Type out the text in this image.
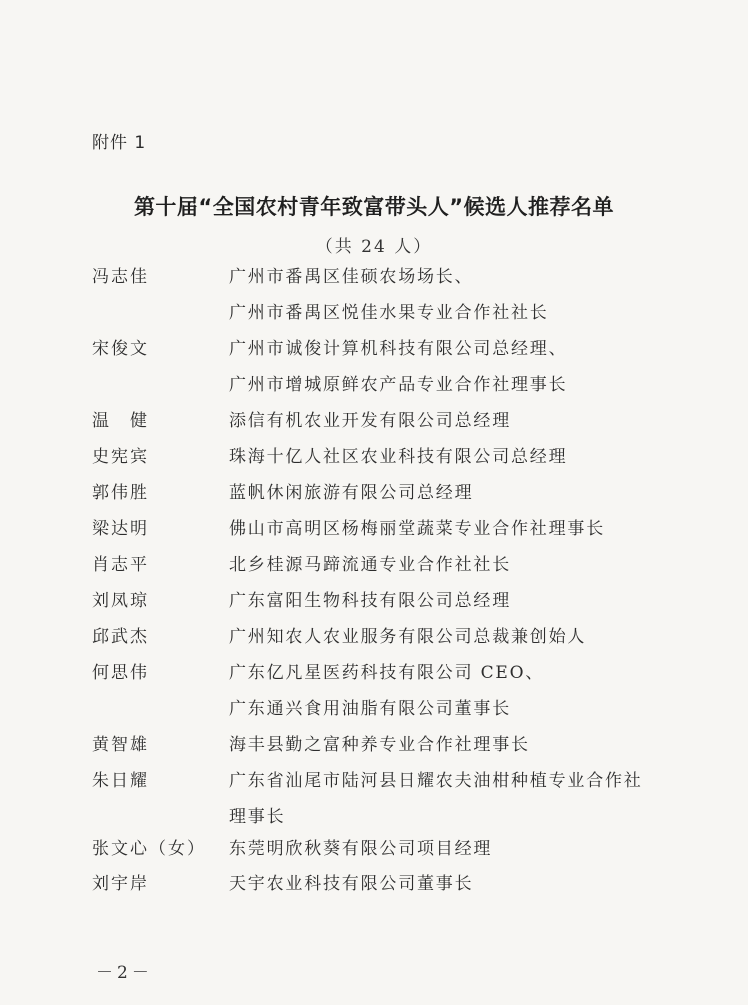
附件 1
第十届“全国农村青年致富带头人”候选人推荐名单
（共 24 人）
冯志佳	广州市番禺区佳硕农场场长、
广州市番禺区悦佳水果专业合作社社长
宋俊文	广州市诚俊计算机科技有限公司总经理、
广州市增城原鲜农产品专业合作社理事长
温　健	添信有机农业开发有限公司总经理
史宪宾	珠海十亿人社区农业科技有限公司总经理
郭伟胜	蓝帆休闲旅游有限公司总经理
梁达明	佛山市高明区杨梅丽堂蔬菜专业合作社理事长
肖志平	北乡桂源马蹄流通专业合作社社长
刘凤琼	广东富阳生物科技有限公司总经理
邱武杰	广州知农人农业服务有限公司总裁兼创始人
何思伟	广东亿凡星医药科技有限公司 CEO、
广东通兴食用油脂有限公司董事长
黄智雄	海丰县勤之富种养专业合作社理事长
朱日耀	广东省汕尾市陆河县日耀农夫油柑种植专业合作社
理事长
张文心（女）	东莞明欣秋葵有限公司项目经理
刘宇岸	天宇农业科技有限公司董事长
－2－
